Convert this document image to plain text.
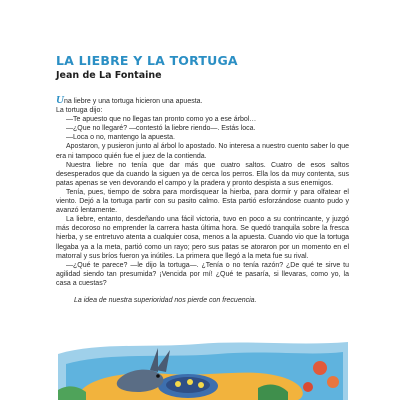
LA LIEBRE Y LA TORTUGA
Jean de La Fontaine

Una liebre y una tortuga hicieron una apuesta.

La tortuga dijo:

—Te apuesto que no llegas tan pronto como yo a ese árbol…

—¿Que no llegaré? —contestó la liebre riendo—. Estás loca.

—Loca o no, mantengo la apuesta.

Apostaron, y pusieron junto al árbol lo apostado. No interesa a nuestro cuento saber lo que era ni tampoco quién fue el juez de la contienda.

Nuestra liebre no tenía que dar más que cuatro saltos. Cuatro de esos saltos desesperados que da cuando la siguen ya de cerca los perros. Ella los da muy contenta, sus patas apenas se ven devorando el campo y la pradera y pronto despista a sus enemigos.

Tenía, pues, tiempo de sobra para mordisquear la hierba, para dormir y para olfatear el viento. Dejó a la tortuga partir con su pasito calmo. Esta partió esforzándose cuanto pudo y avanzó lentamente.

La liebre, entanto, desdeñando una fácil victoria, tuvo en poco a su contrincante, y juzgó más decoroso no emprender la carrera hasta última hora. Se quedó tranquila sobre la fresca hierba, y se entretuvo atenta a cualquier cosa, menos a la apuesta. Cuando vio que la tortuga llegaba ya a la meta, partió como un rayo; pero sus patas se atoraron por un momento en el matorral y sus bríos fueron ya inútiles. La primera que llegó a la meta fue su rival.

—¿Qué te parece? —le dijo la tortuga—. ¿Tenía o no tenía razón? ¿De qué te sirve tu agilidad siendo tan presumida? ¡Vencida por mí! ¿Qué te pasaría, si llevaras, como yo, la casa a cuestas?

La idea de nuestra superioridad nos pierde con frecuencia.
